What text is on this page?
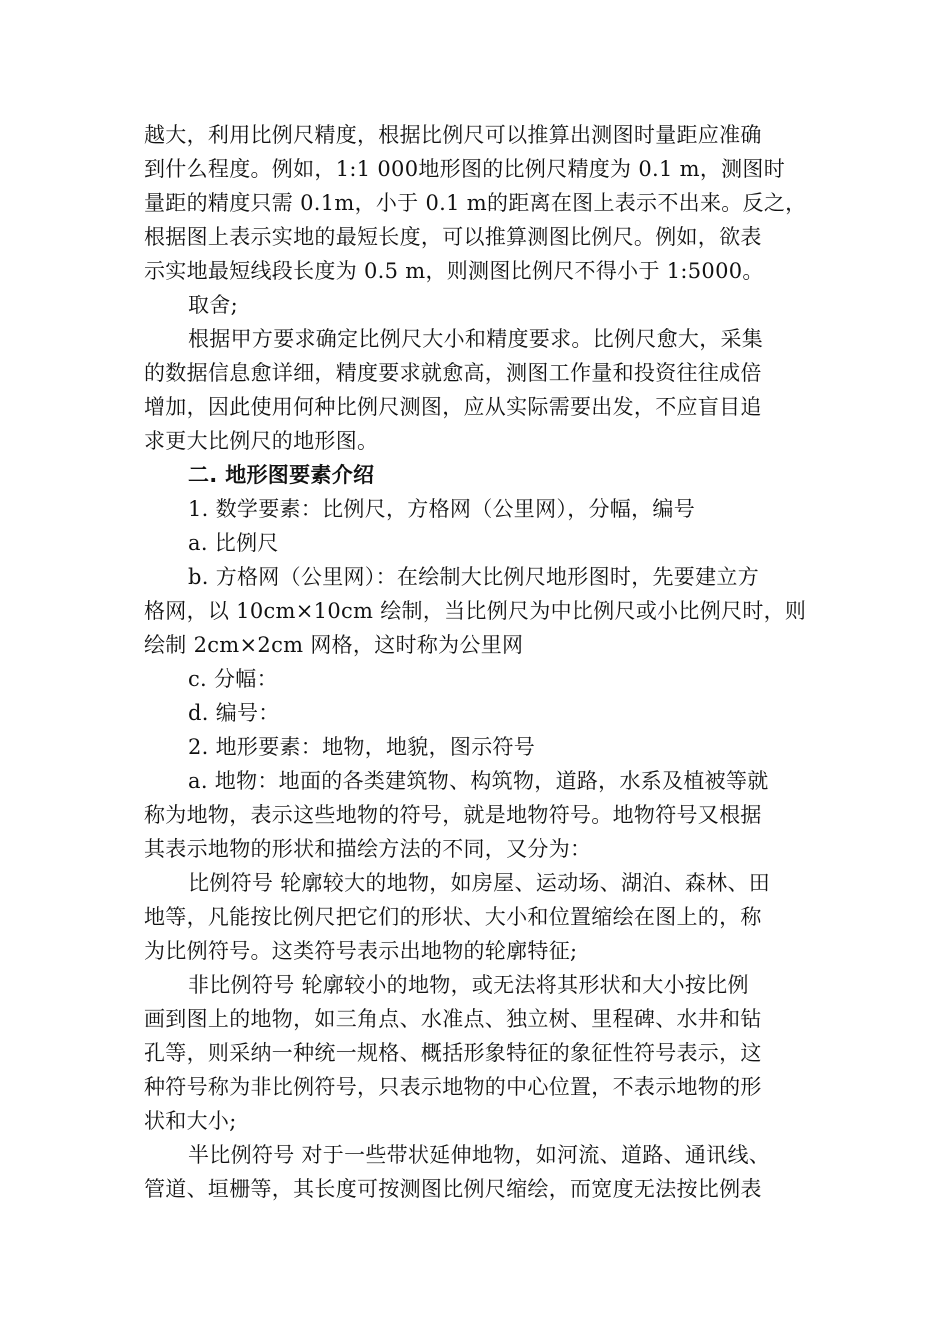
越大，利用比例尺精度，根据比例尺可以推算出测图时量距应准确
到什么程度。例如，1:1 000地形图的比例尺精度为 0.1 m，测图时
量距的精度只需 0.1m，小于 0.1 m的距离在图上表示不出来。反之，
根据图上表示实地的最短长度，可以推算测图比例尺。例如，欲表
示实地最短线段长度为 0.5 m，则测图比例尺不得小于 1:5000。
取舍;
根据甲方要求确定比例尺大小和精度要求。比例尺愈大，采集
的数据信息愈详细，精度要求就愈高，测图工作量和投资往往成倍
增加，因此使用何种比例尺测图，应从实际需要出发，不应盲目追
求更大比例尺的地形图。
二. 地形图要素介绍
1. 数学要素：比例尺，方格网（公里网），分幅，编号
a. 比例尺
b. 方格网（公里网）：在绘制大比例尺地形图时，先要建立方
格网，以 10cm×10cm 绘制，当比例尺为中比例尺或小比例尺时，则
绘制 2cm×2cm 网格，这时称为公里网
c. 分幅：
d. 编号：
2. 地形要素：地物，地貌，图示符号
a. 地物：地面的各类建筑物、构筑物，道路，水系及植被等就
称为地物，表示这些地物的符号，就是地物符号。地物符号又根据
其表示地物的形状和描绘方法的不同，又分为：
比例符号 轮廓较大的地物，如房屋、运动场、湖泊、森林、田
地等，凡能按比例尺把它们的形状、大小和位置缩绘在图上的，称
为比例符号。这类符号表示出地物的轮廓特征;
非比例符号 轮廓较小的地物，或无法将其形状和大小按比例
画到图上的地物，如三角点、水准点、独立树、里程碑、水井和钻
孔等，则采纳一种统一规格、概括形象特征的象征性符号表示，这
种符号称为非比例符号，只表示地物的中心位置，不表示地物的形
状和大小;
半比例符号 对于一些带状延伸地物，如河流、道路、通讯线、
管道、垣栅等，其长度可按测图比例尺缩绘，而宽度无法按比例表
